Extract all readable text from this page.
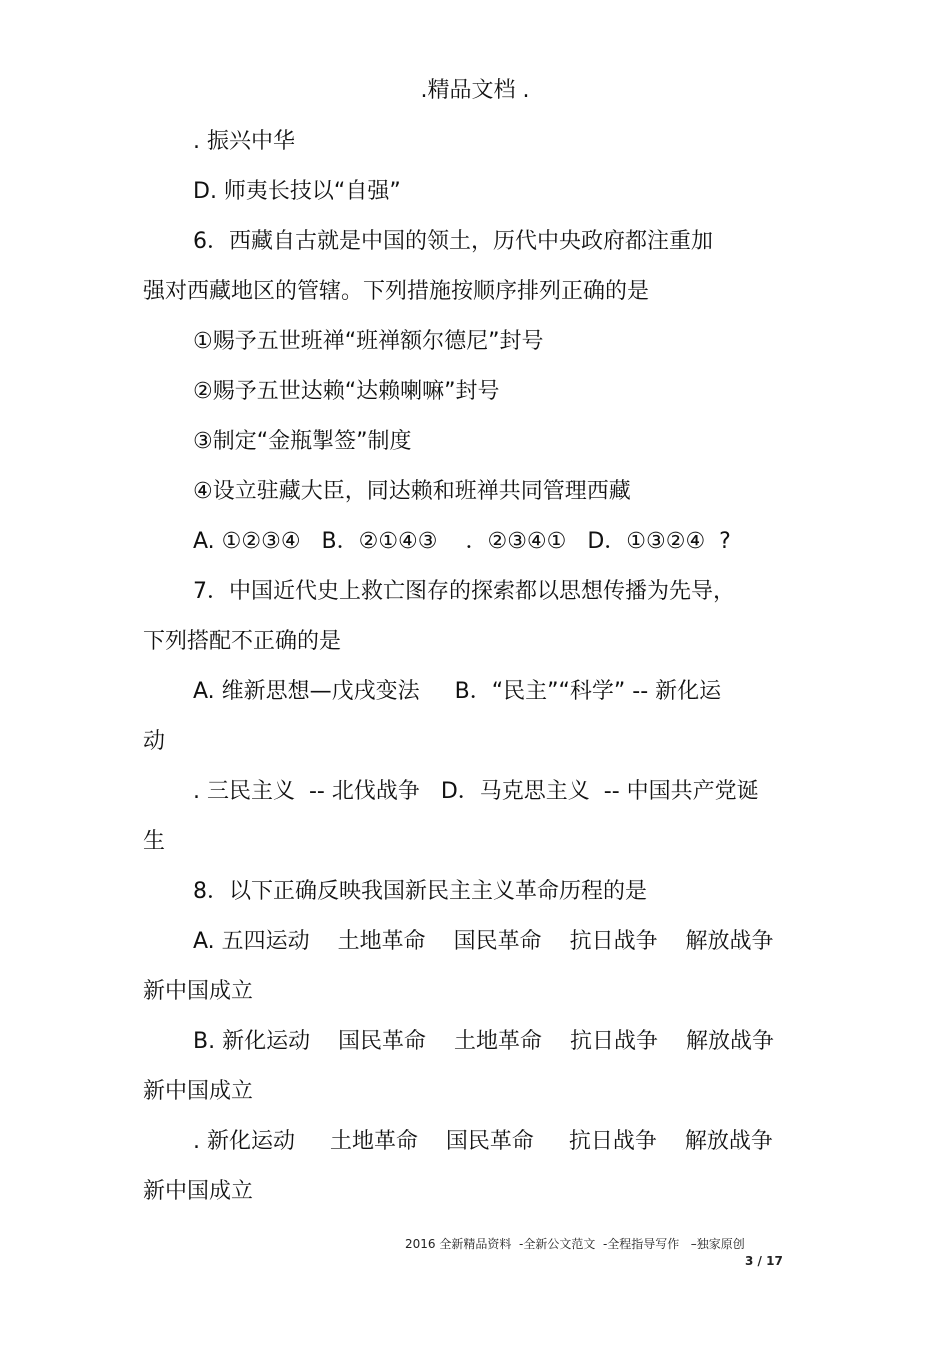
.精品文档 .
. 振兴中华
D. 师夷长技以“自强”
6．西藏自古就是中国的领土，历代中央政府都注重加
强对西藏地区的管辖。下列措施按顺序排列正确的是
①赐予五世班禅“班禅额尔德尼”封号
②赐予五世达赖“达赖喇嘛”封号
③制定“金瓶掣签”制度
④设立驻藏大臣，同达赖和班禅共同管理西藏
A. ①②③④   B．②①④③    ．②③④①   D．①③②④  ?
7．中国近代史上救亡图存的探索都以思想传播为先导，
下列搭配不正确的是
A. 维新思想—戊戌变法     B．“民主”“科学” -- 新化运
动
. 三民主义  -- 北伐战争   D．马克思主义  -- 中国共产党诞
生
8．以下正确反映我国新民主主义革命历程的是
A. 五四运动    土地革命    国民革命    抗日战争    解放战争
新中国成立
B. 新化运动    国民革命    土地革命    抗日战争    解放战争
新中国成立
. 新化运动     土地革命    国民革命     抗日战争    解放战争
新中国成立
2016 全新精品资料  -全新公文范文  -全程指导写作   –独家原创
3 / 17
